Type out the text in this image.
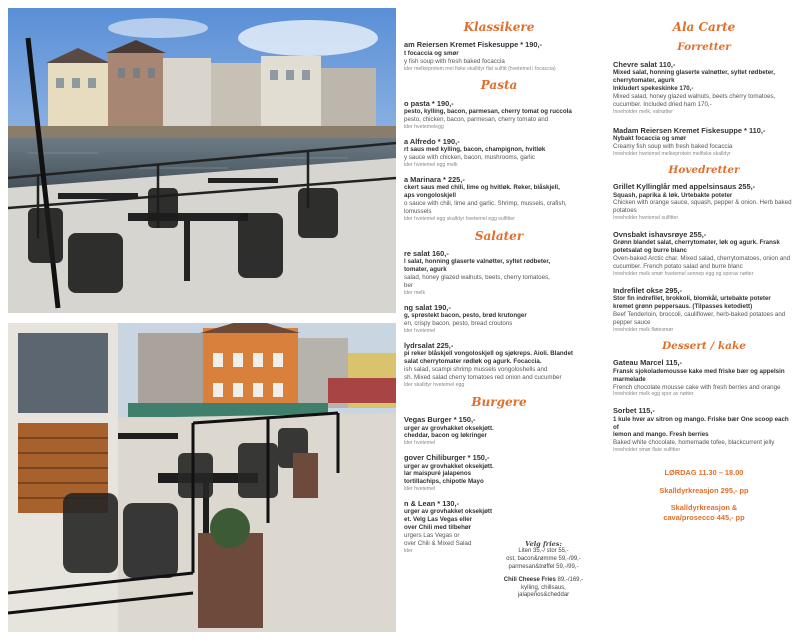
Klassikere
am Reiersen Kremet Fiskesuppe * 190,-
t focaccia og smør
y fish soup with fresh baked focaccia
lder melkeprotein mel fiske skalldyr flat sulfitt (hvetemel i focaccia)
Pasta
o pasta * 190,-
pesto, kylling, bacon, parmesan, cherry tomat og ruccola
pesto, chicken, bacon, parmesan, cherry tomato and
lder hvetemelegg
a Alfredo * 190,-
rt saus med kylling, bacon, champignon, hvitløk
y sauce with chicken, bacon, mushrooms, garlic
lder hvetemel egg melk
a Marinara * 225,-
ckert saus med chili, lime og hvitløk. Reker, blåskjell,
aps vongoloskjell
o sauce with chili, lime and garlic. Shrimp, mussels, crafish,
lomussels
lder hvetemel egg skalldyr hvetemel egg sulfitter
Salater
re salat 160,-
l salat, honning glaserte valnøtter, syltet rødbeter,
tomater, agurk
salad, honey glazed walnuts, beets, cherry tomatoes,
ber
lder melk
ng salat 190,-
g, sprøstekt bacon, pesto, brød krutonger
en, crispy bacon, pesto, bread croutons
lder hvetemel
lydrsalat 225,-
pi reker blåskjell vongoloskjell og sjøkreps. Aioli. Blandet
salat cherrytomater rødløk og agurk. Focaccia.
ish salad, scampi shrimp mussels vongoloshells and
sh. Mixed salad cherry tomatoes red onion and cucumber
lder skalldyr hvetemel egg
Burgere
Vegas Burger * 150,-
urger av grovhakket oksekjøtt.
cheddar, bacon og løkringer
lder hvetemel
gover Chiliburger * 150,-
urger av grovhakket oksekjøtt.
lar maispuré jalapenos
tortillachips, chipotle Mayo
lder hvetemel
n & Lean * 130,-
urger av grovhakket oksekjøtt
et. Velg Las Vegas eller
over Chili med tilbehør
urgers Las Vegas or
over Chili & Mixed Salad
lder
Velg fries:
Liten 35,-/ stor 55,-
ost, bacon&rømme 59,-/99,-
parmesan&trøffel 59,-/99,-
Chili Cheese Fries 89,-/169,-
kylling, chillsaus,
jalapeños&cheddar
Ala Carte
Forretter
Chevre salat 110,-
Mixed salat, honning glaserte valnøtter, syltet rødbeter,
cherrytomater, agurk
Inkludert spekeskinke 170,-
Mixed salad, honey glazed walnuts, beets cherry tomatoes,
cucumber. Included dried ham 170,-
Inneholder melk, valnøtter
Madam Reiersen Kremet Fiskesuppe * 110,-
Nybakt focaccia og smør
Creamy fish soup with fresh baked focaccia
Inneholder hvetemel melkeprotein melfiske skalldyr
Hovedretter
Grillet Kyllinglår med appelsinsaus 255,-
Squash, paprika & løk. Urtebakte poteter
Chicken with orange sauce, squash, pepper & onion. Herb baked
potatoes
Inneholder hvetemel sulfitter
Ovnsbakt ishavsrøye 255,-
Grønn blandet salat, cherrytomater, løk og agurk. Fransk
potetsalat og burre blanc
Oven-baked Arctic char. Mixed salad, cherrytomatoes, onion and
cucumber. French potato salad and burre blanc
Inneholder melk smør hvetemel sennep egg og sporav nøtter
Indrefilet okse 295,-
Stor fin indrefilet, brokkoli, blomkål, urtebakte poteter
kremet grønn peppersaus. (Tilpasses ketodiett)
Beef Tenderloin, broccoli, cauliflower, herb-baked potatoes and
pepper sauce
Inneholder melk fløtesmør
Dessert / kake
Gateau Marcel 115,-
Fransk sjokolademousse kake med friske bær og appelsin
marmelade
French chocolate mousse cake with fresh berries and orange
Inneholder melk egg spor av nøtter
Sorbet 115,-
1 kule hver av sitron og mango. Friske bær One scoop each of
lemon and mango. Fresh berries
Baked white chocolate, homemade tofee, blackcurrent jelly
Inneholder smør flate sulfitter
LØRDAG 11.30 – 18.00
Skalldyrkreasjon 295,- pp
Skalldyrkreasjon &
cava/prosecco 445,- pp
